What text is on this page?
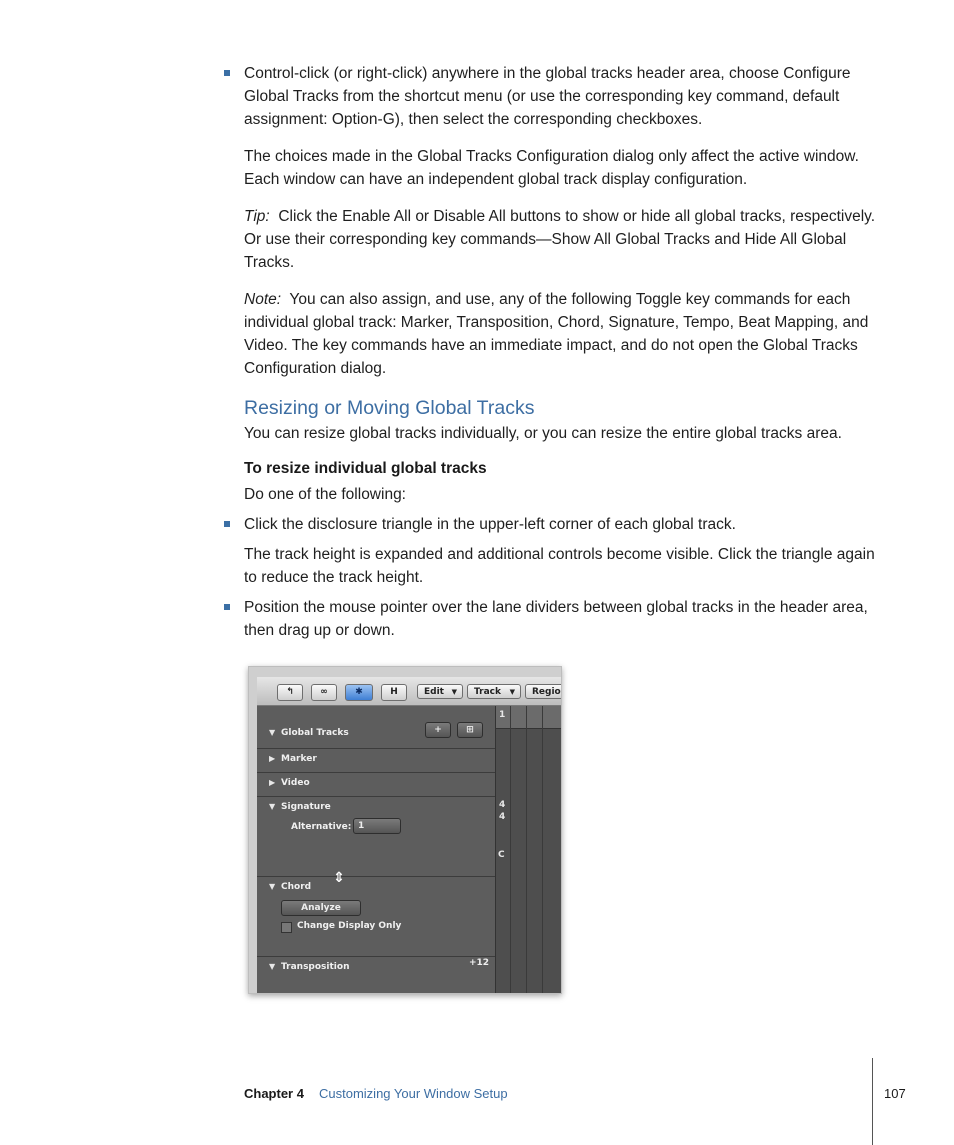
Control-click (or right-click) anywhere in the global tracks header area, choose Configure Global Tracks from the shortcut menu (or use the corresponding key command, default assignment: Option-G), then select the corresponding checkboxes.
The choices made in the Global Tracks Configuration dialog only affect the active window. Each window can have an independent global track display configuration.
Tip: Click the Enable All or Disable All buttons to show or hide all global tracks, respectively. Or use their corresponding key commands—Show All Global Tracks and Hide All Global Tracks.
Note: You can also assign, and use, any of the following Toggle key commands for each individual global track: Marker, Transposition, Chord, Signature, Tempo, Beat Mapping, and Video. The key commands have an immediate impact, and do not open the Global Tracks Configuration dialog.
Resizing or Moving Global Tracks
You can resize global tracks individually, or you can resize the entire global tracks area.
To resize individual global tracks
Do one of the following:
Click the disclosure triangle in the upper-left corner of each global track.
The track height is expanded and additional controls become visible. Click the triangle again to reduce the track height.
Position the mouse pointer over the lane dividers between global tracks in the header area, then drag up or down.
↰	∞	✱	H	Edit ▼	Track ▼	Regio
▼ Global Tracks	+	⊞
▶ Marker
▶ Video
▼ Signature
Alternative: 1
▼ Chord
⇕
Analyze
Change Display Only
▼ Transposition	+12
1
4
4
C
Chapter 4 Customizing Your Window Setup	107
